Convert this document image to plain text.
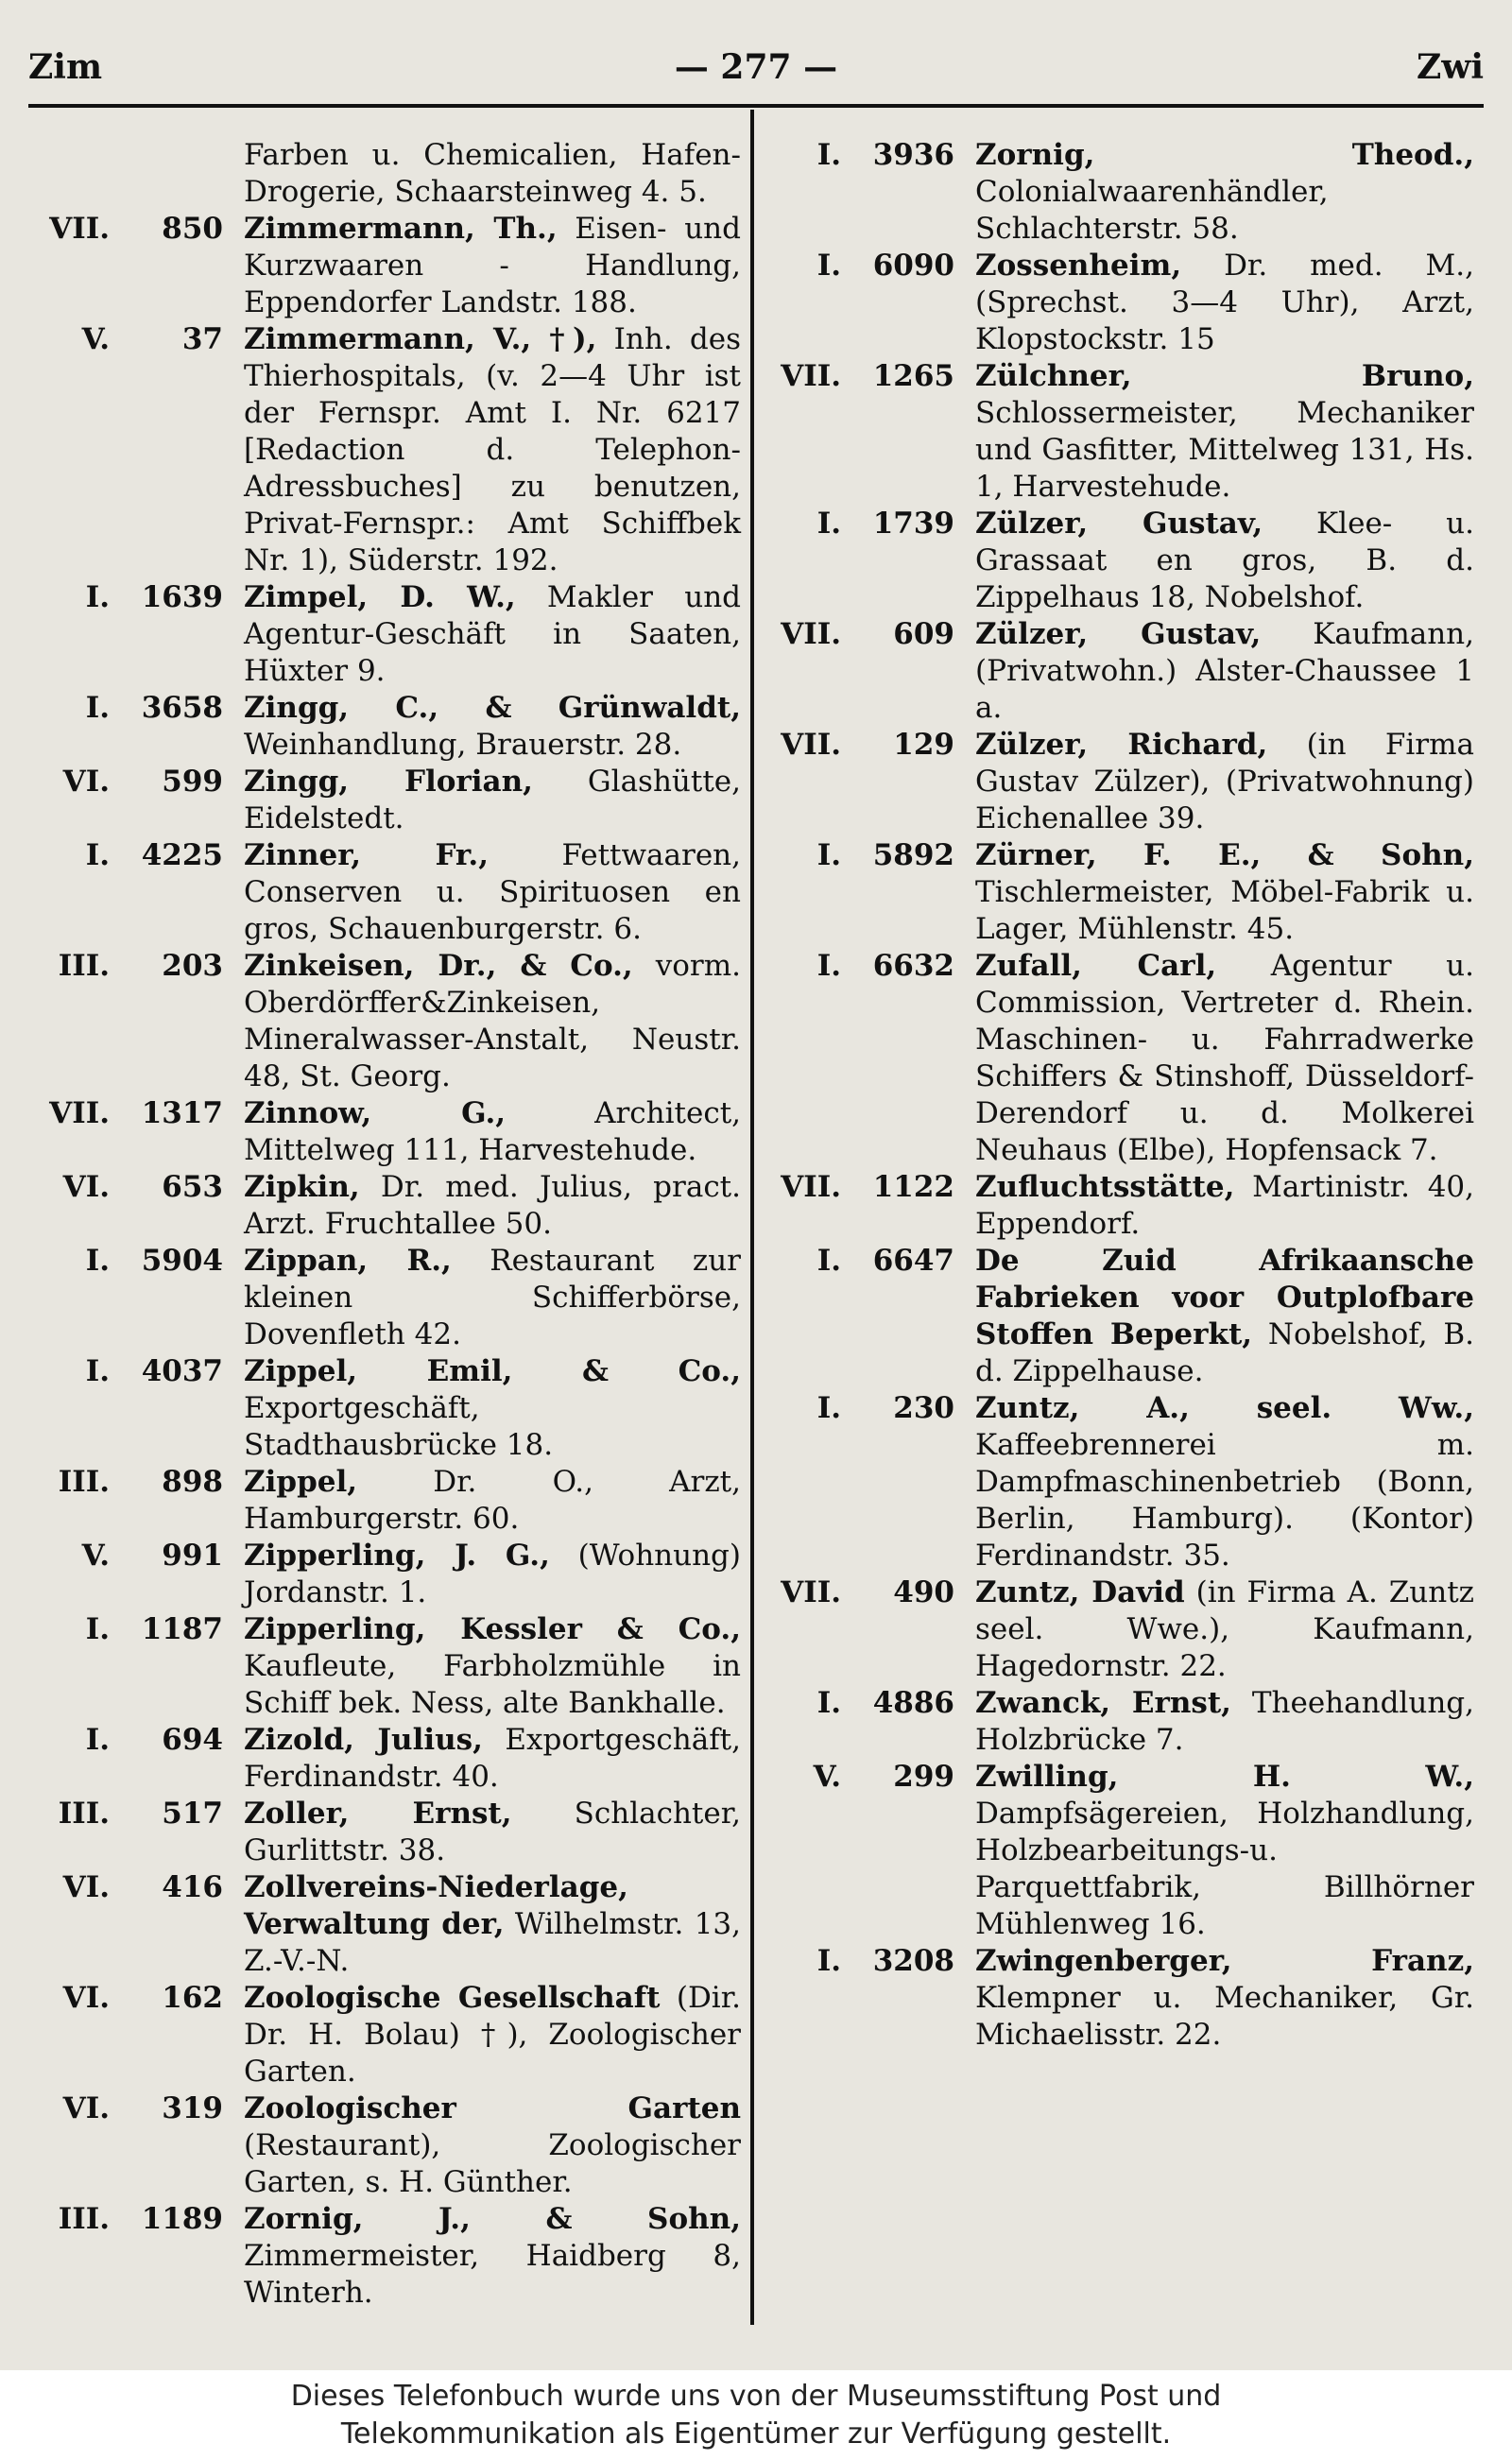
Zim	— 277 —	Zwi
Farben u. Chemicalien, Hafen-Drogerie, Schaarsteinweg 4. 5.
VII.	850 Zimmermann, Th., Eisen- und Kurzwaaren - Handlung, Eppendorfer Landstr. 188.
V.	37 Zimmermann, V., †), Inh. des Thierhospitals, (v. 2—4 Uhr ist der Fernspr. Amt I. Nr. 6217 [Redaction d. Telephon-Adressbuches] zu benutzen, Privat-Fernspr.: Amt Schiffbek Nr. 1), Süderstr. 192.
I.	1639 Zimpel, D. W., Makler und Agentur-Geschäft in Saaten, Hüxter 9.
I.	3658 Zingg, C., & Grünwaldt, Weinhandlung, Brauerstr. 28.
VI.	599 Zingg, Florian, Glashütte, Eidelstedt.
I.	4225 Zinner, Fr., Fettwaaren, Conserven u. Spirituosen en gros, Schauenburgerstr. 6.
III.	203 Zinkeisen, Dr., & Co., vorm. Oberdörffer&Zinkeisen, Mineralwasser-Anstalt, Neustr. 48, St. Georg.
VII.	1317 Zinnow, G., Architect, Mittelweg 111, Harvestehude.
VI.	653 Zipkin, Dr. med. Julius, pract. Arzt. Fruchtallee 50.
I.	5904 Zippan, R., Restaurant zur kleinen Schifferbörse, Dovenfleth 42.
I.	4037 Zippel, Emil, & Co., Exportgeschäft, Stadthausbrücke 18.
III.	898 Zippel, Dr. O., Arzt, Hamburgerstr. 60.
V.	991 Zipperling, J. G., (Wohnung) Jordanstr. 1.
I.	1187 Zipperling, Kessler & Co., Kaufleute, Farbholzmühle in Schiff bek. Ness, alte Bankhalle.
I.	694 Zizold, Julius, Exportgeschäft, Ferdinandstr. 40.
III.	517 Zoller, Ernst, Schlachter, Gurlittstr. 38.
VI.	416 Zollvereins-Niederlage, Verwaltung der, Wilhelmstr. 13, Z.-V.-N.
VI.	162 Zoologische Gesellschaft (Dir. Dr. H. Bolau) †), Zoologischer Garten.
VI.	319 Zoologischer Garten (Restaurant), Zoologischer Garten, s. H. Günther.
III.	1189 Zornig, J., & Sohn, Zimmermeister, Haidberg 8, Winterh.
I.	3936 Zornig, Theod., Colonialwaarenhändler, Schlachterstr. 58.
I.	6090 Zossenheim, Dr. med. M., (Sprechst. 3—4 Uhr), Arzt, Klopstockstr. 15
VII.	1265 Zülchner, Bruno, Schlossermeister, Mechaniker und Gasfitter, Mittelweg 131, Hs. 1, Harvestehude.
I.	1739 Zülzer, Gustav, Klee- u. Grassaat en gros, B. d. Zippelhaus 18, Nobelshof.
VII.	609 Zülzer, Gustav, Kaufmann, (Privatwohn.) Alster-Chaussee 1 a.
VII.	129 Zülzer, Richard, (in Firma Gustav Zülzer), (Privatwohnung) Eichenallee 39.
I.	5892 Zürner, F. E., & Sohn, Tischlermeister, Möbel-Fabrik u. Lager, Mühlenstr. 45.
I.	6632 Zufall, Carl, Agentur u. Commission, Vertreter d. Rhein. Maschinen- u. Fahrradwerke Schiffers & Stinshoff, Düsseldorf-Derendorf u. d. Molkerei Neuhaus (Elbe), Hopfensack 7.
VII.	1122 Zufluchtsstätte, Martinistr. 40, Eppendorf.
I.	6647 De Zuid Afrikaansche Fabrieken voor Outplofbare Stoffen Beperkt, Nobelshof, B. d. Zippelhause.
I.	230 Zuntz, A., seel. Ww., Kaffeebrennerei m. Dampfmaschinenbetrieb (Bonn, Berlin, Hamburg). (Kontor) Ferdinandstr. 35.
VII.	490 Zuntz, David (in Firma A. Zuntz seel. Wwe.), Kaufmann, Hagedornstr. 22.
I.	4886 Zwanck, Ernst, Theehandlung, Holzbrücke 7.
V.	299 Zwilling, H. W., Dampfsägereien, Holzhandlung, Holzbearbeitungs-u. Parquettfabrik, Billhörner Mühlenweg 16.
I.	3208 Zwingenberger, Franz, Klempner u. Mechaniker, Gr. Michaelisstr. 22.
Dieses Telefonbuch wurde uns von der Museumsstiftung Post und
Telekommunikation als Eigentümer zur Verfügung gestellt.
